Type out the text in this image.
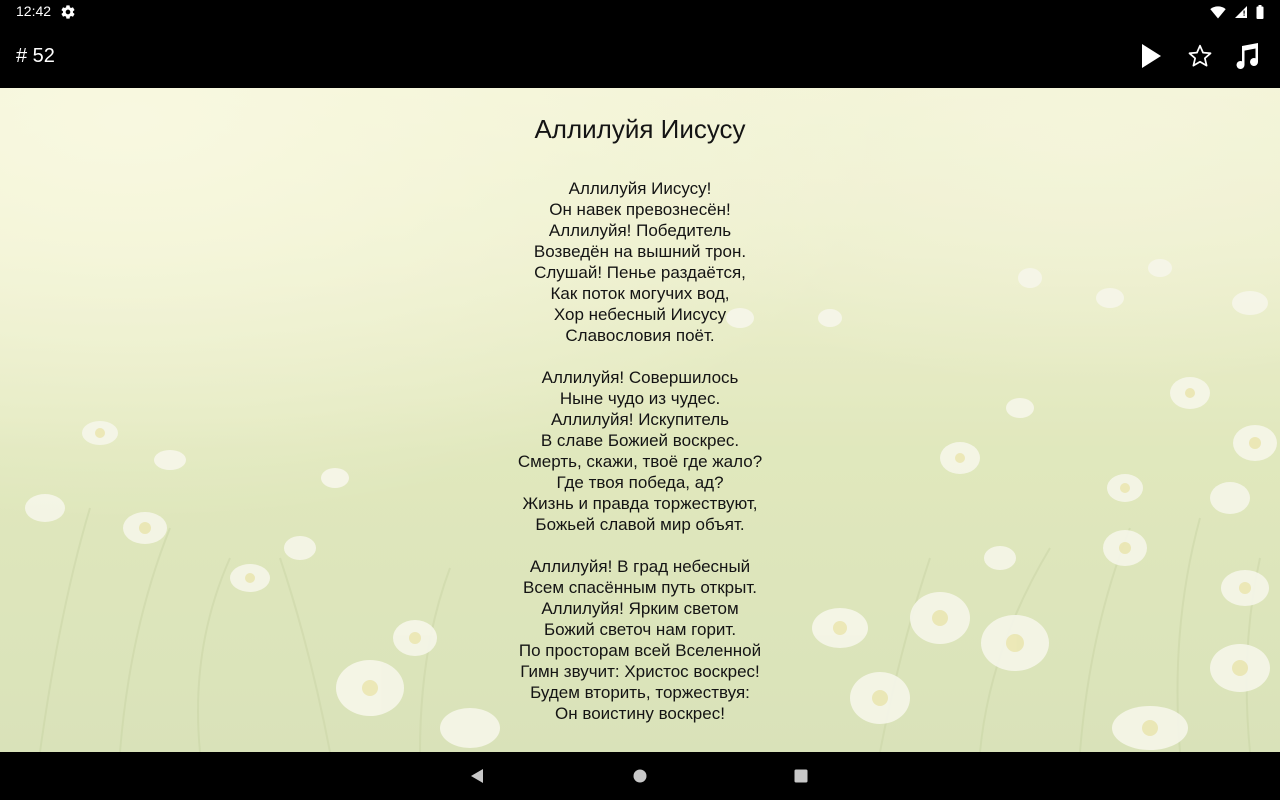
12:42
# 52
Аллилуйя Иисусу
Аллилуйя Иисусу!
Он навек превознесён!
Аллилуйя! Победитель
Возведён на вышний трон.
Слушай! Пенье раздаётся,
Как поток могучих вод,
Хор небесный Иисусу
Славословия поёт.
Аллилуйя! Совершилось
Ныне чудо из чудес.
Аллилуйя! Искупитель
В славе Божией воскрес.
Смерть, скажи, твоё где жало?
Где твоя победа, ад?
Жизнь и правда торжествуют,
Божьей славой мир объят.
Аллилуйя! В град небесный
Всем спасённым путь открыт.
Аллилуйя! Ярким светом
Божий светоч нам горит.
По просторам всей Вселенной
Гимн звучит: Христос воскрес!
Будем вторить, торжествуя:
Он воистину воскрес!
